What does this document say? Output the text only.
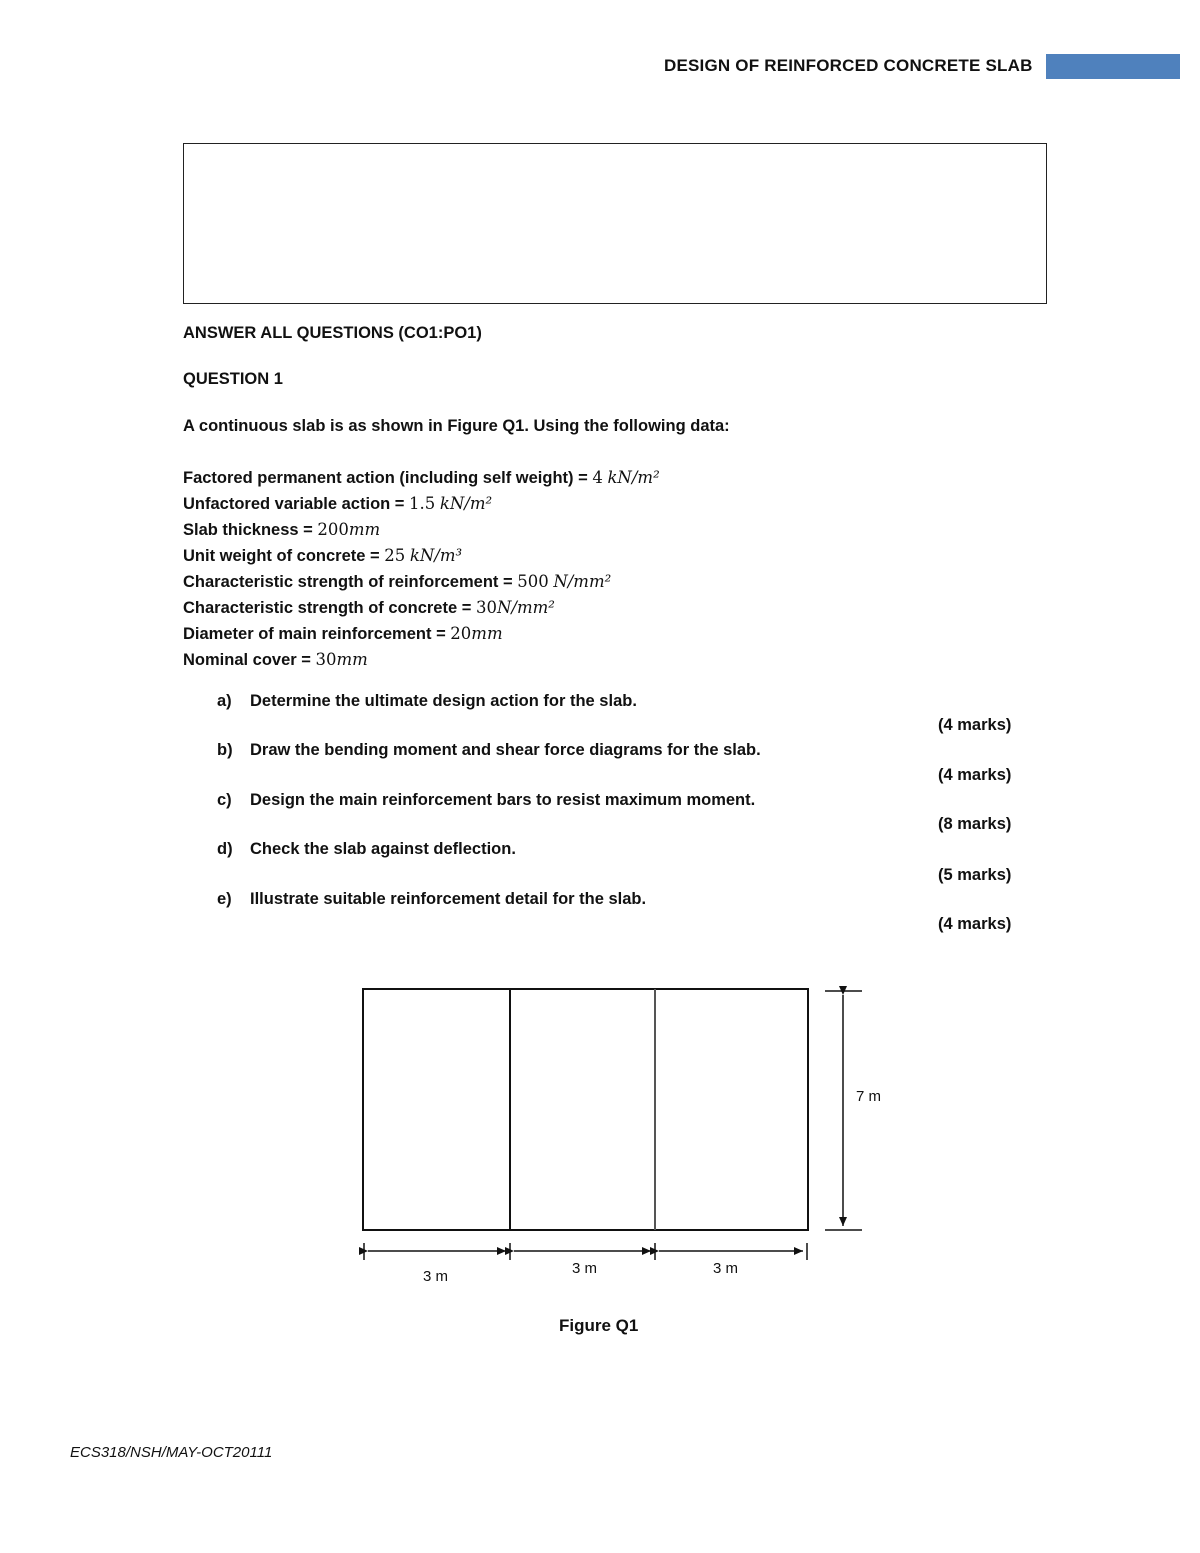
DESIGN OF REINFORCED CONCRETE SLAB
ANSWER ALL QUESTIONS (CO1:PO1)
QUESTION 1
A continuous slab is as shown in Figure Q1. Using the following data:
Factored permanent action (including self weight) = 4 kN/m²
Unfactored variable action = 1.5 kN/m²
Slab thickness = 200mm
Unit weight of concrete = 25 kN/m³
Characteristic strength of reinforcement = 500 N/mm²
Characteristic strength of concrete = 30N/mm²
Diameter of main reinforcement = 20mm
Nominal cover = 30mm
a) Determine the ultimate design action for the slab.
(4 marks)
b) Draw the bending moment and shear force diagrams for the slab.
(4 marks)
c) Design the main reinforcement bars to resist maximum moment.
(8 marks)
d) Check the slab against deflection.
(5 marks)
e) Illustrate suitable reinforcement detail for the slab.
(4 marks)
7 m
3 m	3 m	3 m
Figure Q1
ECS318/NSH/MAY-OCT20111
